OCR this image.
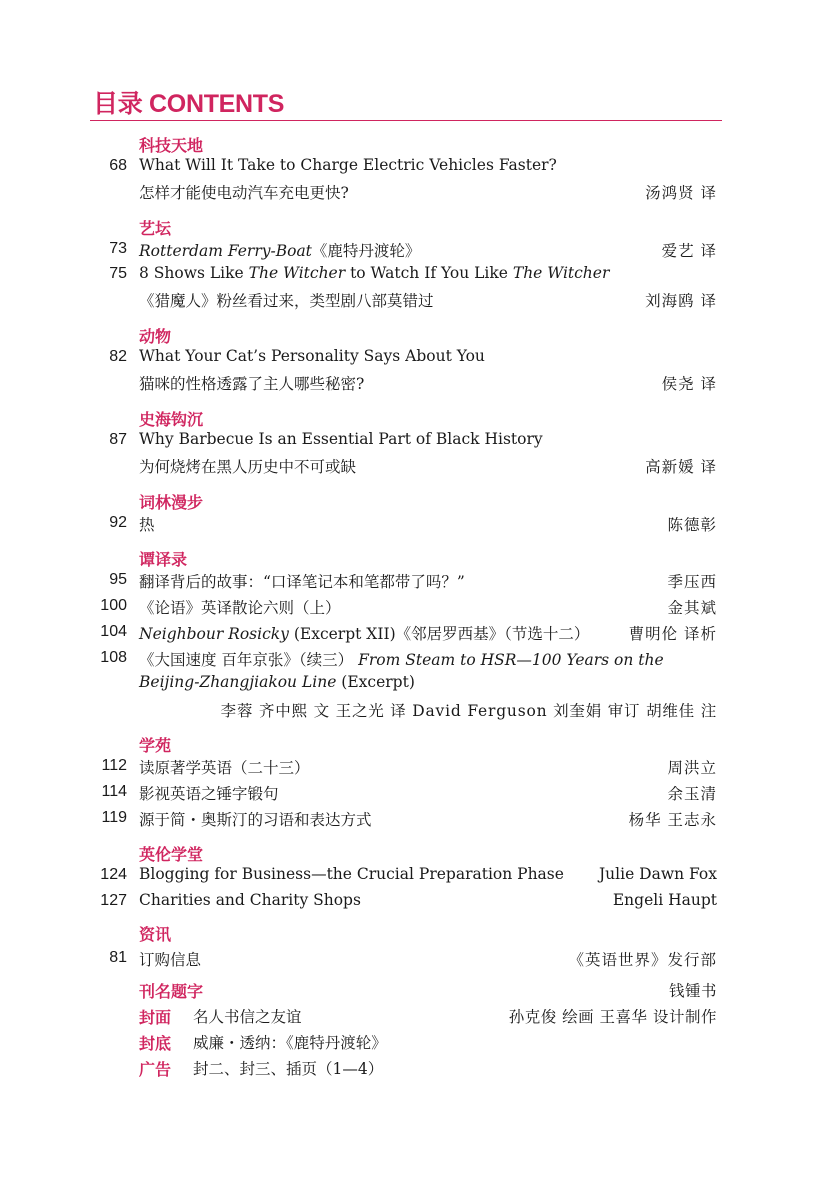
目录 CONTENTS
科技天地
68 What Will It Take to Charge Electric Vehicles Faster?
怎样才能使电动汽车充电更快?	汤鸿贤 译
艺坛
73 Rotterdam Ferry-Boat《鹿特丹渡轮》	爱艺 译
75 8 Shows Like The Witcher to Watch If You Like The Witcher
《猎魔人》粉丝看过来，类型剧八部莫错过	刘海鸥 译
动物
82 What Your Cat’s Personality Says About You
猫咪的性格透露了主人哪些秘密?	侯尧 译
史海钩沉
87 Why Barbecue Is an Essential Part of Black History
为何烧烤在黑人历史中不可或缺	高新媛 译
词林漫步
92 热	陈德彰
谭译录
95 翻译背后的故事：“口译笔记本和笔都带了吗？”	季压西
100 《论语》英译散论六则（上）	金其斌
104 Neighbour Rosicky (Excerpt XII)《邻居罗西基》（节选十二）	曹明伦 译析
108 《大国速度 百年京张》（续三） From Steam to HSR—100 Years on the
Beijing-Zhangjiakou Line (Excerpt)
李蓉 齐中熙 文 王之光 译 David Ferguson 刘奎娟 审订 胡维佳 注
学苑
112 读原著学英语（二十三）	周洪立
114 影视英语之锤字锻句	余玉清
119 源于简・奥斯汀的习语和表达方式	杨华 王志永
英伦学堂
124 Blogging for Business—the Crucial Preparation Phase Julie Dawn Fox
127 Charities and Charity Shops	Engeli Haupt
资讯
81 订购信息	《英语世界》发行部
刊名题字	钱锺书
封面 名人书信之友谊	孙克俊 绘画 王喜华 设计制作
封底 威廉・透纳：《鹿特丹渡轮》
广告 封二、封三、插页（1—4）
